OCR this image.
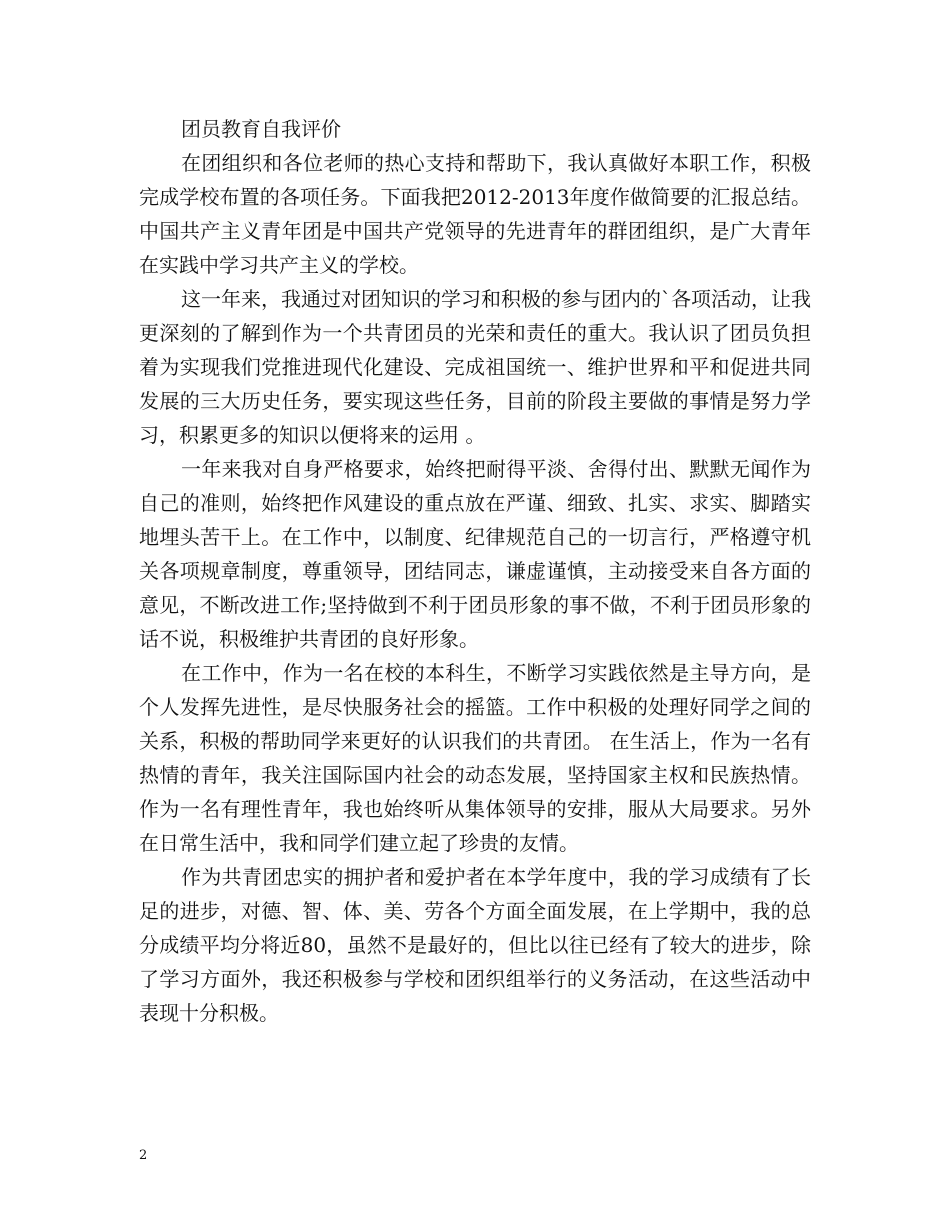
团员教育自我评价

在团组织和各位老师的热心支持和帮助下，我认真做好本职工作，积极完成学校布置的各项任务。下面我把2012-2013年度作做简要的汇报总结。 中国共产主义青年团是中国共产党领导的先进青年的群团组织，是广大青年在实践中学习共产主义的学校。

这一年来，我通过对团知识的学习和积极的参与团内的`各项活动，让我更深刻的了解到作为一个共青团员的光荣和责任的重大。我认识了团员负担着为实现我们党推进现代化建设、完成祖国统一、维护世界和平和促进共同发展的三大历史任务，要实现这些任务，目前的阶段主要做的事情是努力学习，积累更多的知识以便将来的运用 。

一年来我对自身严格要求，始终把耐得平淡、舍得付出、默默无闻作为自己的准则，始终把作风建设的重点放在严谨、细致、扎实、求实、脚踏实地埋头苦干上。在工作中，以制度、纪律规范自己的一切言行，严格遵守机关各项规章制度，尊重领导，团结同志，谦虚谨慎，主动接受来自各方面的意见，不断改进工作;坚持做到不利于团员形象的事不做，不利于团员形象的话不说，积极维护共青团的良好形象。

在工作中，作为一名在校的本科生，不断学习实践依然是主导方向，是个人发挥先进性，是尽快服务社会的摇篮。工作中积极的处理好同学之间的关系，积极的帮助同学来更好的认识我们的共青团。 在生活上，作为一名有热情的青年，我关注国际国内社会的动态发展，坚持国家主权和民族热情。作为一名有理性青年，我也始终听从集体领导的安排，服从大局要求。另外在日常生活中，我和同学们建立起了珍贵的友情。

作为共青团忠实的拥护者和爱护者在本学年度中，我的学习成绩有了长足的进步，对德、智、体、美、劳各个方面全面发展，在上学期中，我的总分成绩平均分将近80，虽然不是最好的，但比以往已经有了较大的进步，除了学习方面外，我还积极参与学校和团织组举行的义务活动，在这些活动中表现十分积极。

2
